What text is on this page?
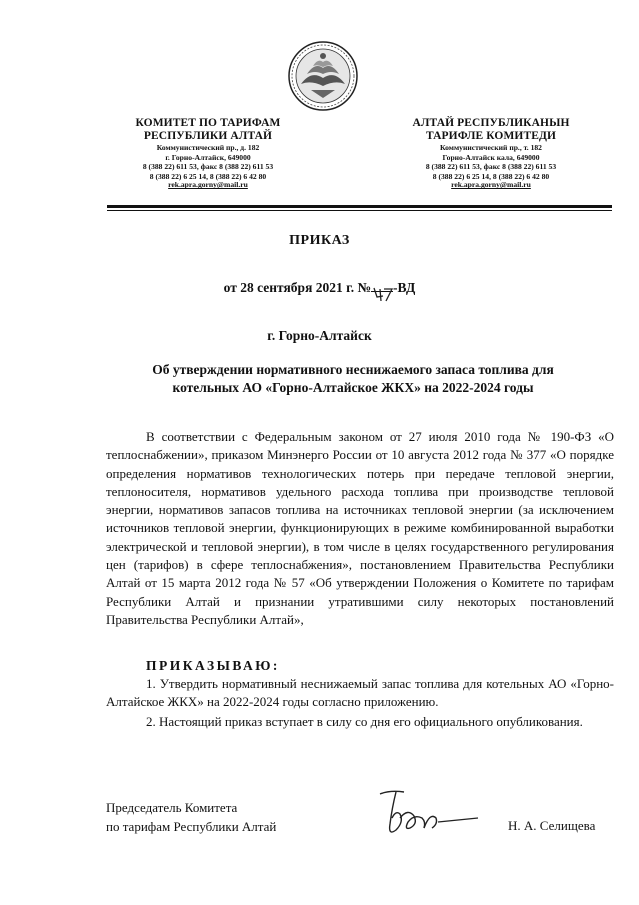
КОМИТЕТ ПО ТАРИФАМ
РЕСПУБЛИКИ АЛТАЙ
Коммунистический пр., д. 182
г. Горно-Алтайск, 649000
8 (388 22) 611 53, факс 8 (388 22) 611 53
8 (388 22) 6 25 14, 8 (388 22) 6 42 80
rek.apra.gorny@mail.ru
АЛТАЙ РЕСПУБЛИКАНЫН
ТАРИФЛЕ КОМИТЕДИ
Коммунистический пр., т. 182
Горно-Алтайск кала, 649000
8 (388 22) 611 53, факс 8 (388 22) 611 53
8 (388 22) 6 25 14, 8 (388 22) 6 42 80
rek.apra.gorny@mail.ru
ПРИКАЗ
от 28 сентября 2021 г. № -ВД
г. Горно-Алтайск
Об утверждении нормативного неснижаемого запаса топлива для котельных АО «Горно-Алтайское ЖКХ» на 2022-2024 годы
В соответствии с Федеральным законом от 27 июля 2010 года № 190-ФЗ «О теплоснабжении», приказом Минэнерго России от 10 августа 2012 года № 377 «О порядке определения нормативов технологических потерь при передаче тепловой энергии, теплоносителя, нормативов удельного расхода топлива при производстве тепловой энергии, нормативов запасов топлива на источниках тепловой энергии (за исключением источников тепловой энергии, функционирующих в режиме комбинированной выработки электрической и тепловой энергии), в том числе в целях государственного регулирования цен (тарифов) в сфере теплоснабжения», постановлением Правительства Республики Алтай от 15 марта 2012 года № 57 «Об утверждении Положения о Комитете по тарифам Республики Алтай и признании утратившими силу некоторых постановлений Правительства Республики Алтай»,
ПРИКАЗЫВАЮ:
1. Утвердить нормативный неснижаемый запас топлива для котельных АО «Горно-Алтайское ЖКХ» на 2022-2024 годы согласно приложению.
2. Настоящий приказ вступает в силу со дня его официального опубликования.
Председатель Комитета
по тарифам Республики Алтай	Н. А. Селищева
